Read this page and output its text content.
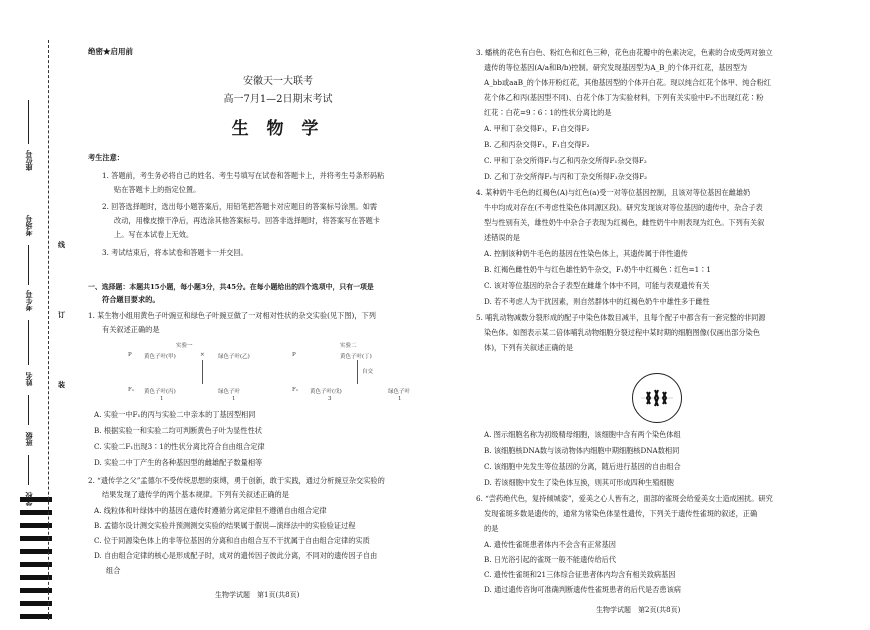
座位号
考场号
考生号
姓名
班级
学校
线
订
装
绝密★启用前
安徽天一大联考
高一7月1—2日期末考试
生 物 学
考生注意：
1. 答题前，考生务必将自己的姓名、考生号填写在试卷和答题卡上，并将考生号条形码粘
贴在答题卡上的指定位置。
2. 回答选择题时，选出每小题答案后，用铅笔把答题卡对应题目的答案标号涂黑。如需
改动，用橡皮擦干净后，再选涂其他答案标号。回答非选择题时，将答案写在答题卡
上。写在本试卷上无效。
3. 考试结束后，将本试卷和答题卡一并交回。
一、选择题：本题共15小题，每小题3分，共45分。在每小题给出的四个选项中，只有一项是
符合题目要求的。
1. 某生物小组用黄色子叶豌豆和绿色子叶豌豆做了一对相对性状的杂交实验(见下图)，下列
有关叙述正确的是
实验一	实验二
P 黄色子叶(甲)	× 绿色子叶(乙)	P	黄色子叶(丁)
自交
F₁ 黄色子叶(丙)	绿色子叶	F₁ 黄色子叶(戊)	绿色子叶
1	1	3	1
A. 实验一中F₁的丙与实验二中亲本的丁基因型相同
B. 根据实验一和实验二均可判断黄色子叶为显性性状
C. 实验二F₁出现3∶1的性状分离比符合自由组合定律
D. 实验二中丁产生的各种基因型的雌雄配子数量相等
2. “遗传学之父”孟德尔不受传统思想的束缚，勇于创新，敢于实践，通过分析豌豆杂交实验的
结果发现了遗传学的两个基本规律。下列有关叙述正确的是
A. 线粒体和叶绿体中的基因在遗传时遵循分离定律但不遵循自由组合定律
B. 孟德尔设计测交实验并预测测交实验的结果属于假说—演绎法中的实验验证过程
C. 位于同源染色体上的非等位基因的分离和自由组合互不干扰属于自由组合定律的实质
D. 自由组合定律的核心是形成配子时，成对的遗传因子彼此分离，不同对的遗传因子自由
组合
生物学试题　第1页(共8页)
3. 蟠桃的花色有白色、粉红色和红色三种，花色由花瓣中的色素决定，色素的合成受两对独立
遗传的等位基因(A/a和B/b)控制。研究发现基因型为A_B_的个体开红花，基因型为
A_bb或aaB_的个体开粉红花，其他基因型的个体开白花。现以纯合红花个体甲、纯合粉红
花个体乙和丙(基因型不同)、白花个体丁为实验材料，下列有关实验中F₂不出现红花∶粉
红花∶白花=9∶6∶1的性状分离比的是
A. 甲和丁杂交得F₁，F₁自交得F₂
B. 乙和丙杂交得F₁，F₁自交得F₂
C. 甲和丁杂交所得F₁与乙和丙杂交所得F₁杂交得F₂
D. 乙和丁杂交所得F₁与丙和丁杂交所得F₁杂交得F₂
4. 某种奶牛毛色的红褐色(A)与红色(a)受一对等位基因控制，且该对等位基因在雌雄奶
牛中均成对存在(不考虑性染色体同源区段)。研究发现该对等位基因的遗传中，杂合子表
型与性别有关，雄性奶牛中杂合子表现为红褐色，雌性奶牛中则表现为红色。下列有关叙
述错误的是
A. 控制该种奶牛毛色的基因在性染色体上，其遗传属于伴性遗传
B. 红褐色雌性奶牛与红色雄性奶牛杂交，F₁奶牛中红褐色∶红色=1∶1
C. 该对等位基因的杂合子表型在雌雄个体中不同，可能与表观遗传有关
D. 若不考虑人为干扰因素，则自然群体中的红褐色奶牛中雄性多于雌性
5. 哺乳动物减数分裂形成的配子中染色体数目减半，且每个配子中都含有一套完整的非同源
染色体。如图表示某二倍体哺乳动物细胞分裂过程中某时期的细胞图像(仅画出部分染色
体)，下列有关叙述正确的是
A. 图示细胞名称为初级精母细胞，该细胞中含有两个染色体组
B. 该细胞核DNA数与该动物体内细胞中期细胞核DNA数相同
C. 该细胞中先发生等位基因的分离，随后进行基因的自由组合
D. 若该细胞中发生了染色体互换，则其可形成四种生殖细胞
6. “尝药绝代色，复持倾城姿”，爱美之心人皆有之，面部的雀斑会给爱美女士造成困扰。研究
发现雀斑多数是遗传的，通常为常染色体显性遗传，下列关于遗传性雀斑的叙述，正确
的是
A. 遗传性雀斑患者体内不会含有正常基因
B. 日光浴引起的雀斑一般不能遗传给后代
C. 遗传性雀斑和21三体综合征患者体内均含有相关致病基因
D. 通过遗传咨询可准确判断遗传性雀斑患者的后代是否患该病
生物学试题　第2页(共8页)
